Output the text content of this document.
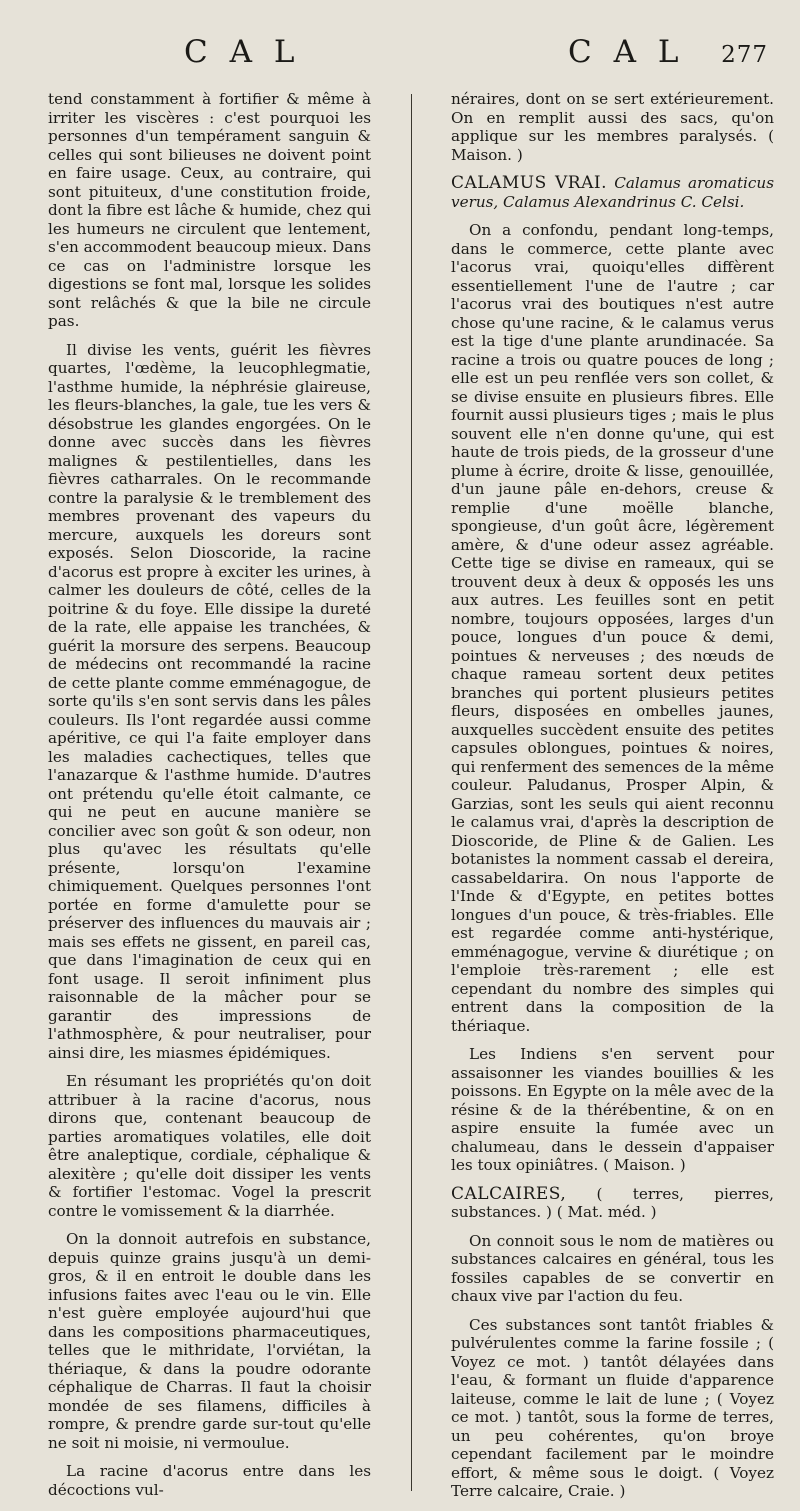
C A L	C A L 277

tend constamment à fortifier & même à irriter les viscères : c'est pourquoi les personnes d'un tempérament sanguin & celles qui sont bilieuses ne doivent point en faire usage. Ceux, au contraire, qui sont pituiteux, d'une constitution froide, dont la fibre est lâche & humide, chez qui les humeurs ne circulent que lentement, s'en accommodent beaucoup mieux. Dans ce cas on l'administre lorsque les digestions se font mal, lorsque les solides sont relâchés & que la bile ne circule pas.

Il divise les vents, guérit les fièvres quartes, l'œdème, la leucophlegmatie, l'asthme humide, la néphrésie glaireuse, les fleurs-blanches, la gale, tue les vers & désobstrue les glandes engorgées. On le donne avec succès dans les fièvres malignes & pestilentielles, dans les fièvres catharrales. On le recommande contre la paralysie & le tremblement des membres provenant des vapeurs du mercure, auxquels les doreurs sont exposés. Selon Dioscoride, la racine d'acorus est propre à exciter les urines, à calmer les douleurs de côté, celles de la poitrine & du foye. Elle dissipe la dureté de la rate, elle appaise les tranchées, & guérit la morsure des serpens. Beaucoup de médecins ont recommandé la racine de cette plante comme emménagogue, de sorte qu'ils s'en sont servis dans les pâles couleurs. Ils l'ont regardée aussi comme apéritive, ce qui l'a faite employer dans les maladies cachectiques, telles que l'anazarque & l'asthme humide. D'autres ont prétendu qu'elle étoit calmante, ce qui ne peut en aucune manière se concilier avec son goût & son odeur, non plus qu'avec les résultats qu'elle présente, lorsqu'on l'examine chimiquement. Quelques personnes l'ont portée en forme d'amulette pour se préserver des influences du mauvais air ; mais ses effets ne gissent, en pareil cas, que dans l'imagination de ceux qui en font usage. Il seroit infiniment plus raisonnable de la mâcher pour se garantir des impressions de l'athmosphère, & pour neutraliser, pour ainsi dire, les miasmes épidémiques.

En résumant les propriétés qu'on doit attribuer à la racine d'acorus, nous dirons que, contenant beaucoup de parties aromatiques volatiles, elle doit être analeptique, cordiale, céphalique & alexitère ; qu'elle doit dissiper les vents & fortifier l'estomac. Vogel la prescrit contre le vomissement & la diarrhée.

On la donnoit autrefois en substance, depuis quinze grains jusqu'à un demi-gros, & il en entroit le double dans les infusions faites avec l'eau ou le vin. Elle n'est guère employée aujourd'hui que dans les compositions pharmaceutiques, telles que le mithridate, l'orviétan, la thériaque, & dans la poudre odorante céphalique de Charras. Il faut la choisir mondée de ses filamens, difficiles à rompre, & prendre garde sur-tout qu'elle ne soit ni moisie, ni vermoulue.

La racine d'acorus entre dans les décoctions vul-

néraires, dont on se sert extérieurement. On en remplit aussi des sacs, qu'on applique sur les membres paralysés. ( Maison. )

CALAMUS VRAI. Calamus aromaticus verus, Calamus Alexandrinus C. Celsi.

On a confondu, pendant long-temps, dans le commerce, cette plante avec l'acorus vrai, quoiqu'elles diffèrent essentiellement l'une de l'autre ; car l'acorus vrai des boutiques n'est autre chose qu'une racine, & le calamus verus est la tige d'une plante arundinacée. Sa racine a trois ou quatre pouces de long ; elle est un peu renflée vers son collet, & se divise ensuite en plusieurs fibres. Elle fournit aussi plusieurs tiges ; mais le plus souvent elle n'en donne qu'une, qui est haute de trois pieds, de la grosseur d'une plume à écrire, droite & lisse, genouillée, d'un jaune pâle en-dehors, creuse & remplie d'une moëlle blanche, spongieuse, d'un goût âcre, légèrement amère, & d'une odeur assez agréable. Cette tige se divise en rameaux, qui se trouvent deux à deux & opposés les uns aux autres. Les feuilles sont en petit nombre, toujours opposées, larges d'un pouce, longues d'un pouce & demi, pointues & nerveuses ; des nœuds de chaque rameau sortent deux petites branches qui portent plusieurs petites fleurs, disposées en ombelles jaunes, auxquelles succèdent ensuite des petites capsules oblongues, pointues & noires, qui renferment des semences de la même couleur. Paludanus, Prosper Alpin, & Garzias, sont les seuls qui aient reconnu le calamus vrai, d'après la description de Dioscoride, de Pline & de Galien. Les botanistes la nomment cassab el dereira, cassabeldarira. On nous l'apporte de l'Inde & d'Egypte, en petites bottes longues d'un pouce, & très-friables. Elle est regardée comme anti-hystérique, emménagogue, vervine & diurétique ; on l'emploie très-rarement ; elle est cependant du nombre des simples qui entrent dans la composition de la thériaque.

Les Indiens s'en servent pour assaisonner les viandes bouillies & les poissons. En Egypte on la mêle avec de la résine & de la thérébentine, & on en aspire ensuite la fumée avec un chalumeau, dans le dessein d'appaiser les toux opiniâtres. ( Maison. )

CALCAIRES, ( terres, pierres, substances. ) ( Mat. méd. )

On connoit sous le nom de matières ou substances calcaires en général, tous les fossiles capables de se convertir en chaux vive par l'action du feu.

Ces substances sont tantôt friables & pulvérulentes comme la farine fossile ; ( Voyez ce mot. ) tantôt délayées dans l'eau, & formant un fluide d'apparence laiteuse, comme le lait de lune ; ( Voyez ce mot. ) tantôt, sous la forme de terres, un peu cohérentes, qu'on broye cependant facilement par le moindre effort, & même sous le doigt. ( Voyez Terre calcaire, Craie. )
